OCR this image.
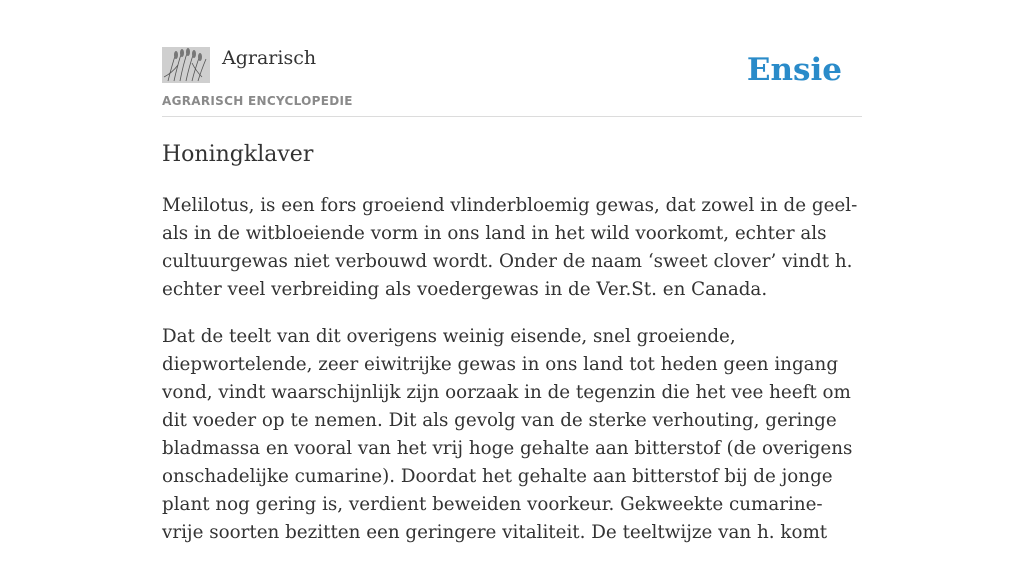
Agrarisch
AGRARISCH ENCYCLOPEDIE
Ensie
Honingklaver

Melilotus, is een fors groeiend vlinderbloemig gewas, dat zowel in de geel- als in de witbloeiende vorm in ons land in het wild voorkomt, echter als cultuurgewas niet verbouwd wordt. Onder de naam ‘sweet clover’ vindt h. echter veel verbreiding als voedergewas in de Ver.St. en Canada.

Dat de teelt van dit overigens weinig eisende, snel groeiende, diepwortelende, zeer eiwitrijke gewas in ons land tot heden geen ingang vond, vindt waarschijnlijk zijn oorzaak in de tegenzin die het vee heeft om dit voeder op te nemen. Dit als gevolg van de sterke verhouting, geringe bladmassa en vooral van het vrij hoge gehalte aan bitterstof (de overigens onschadelijke cumarine). Doordat het gehalte aan bitterstof bij de jonge plant nog gering is, verdient beweiden voorkeur. Gekweekte cumarine-vrije soorten bezitten een geringere vitaliteit. De teeltwijze van h. komt
